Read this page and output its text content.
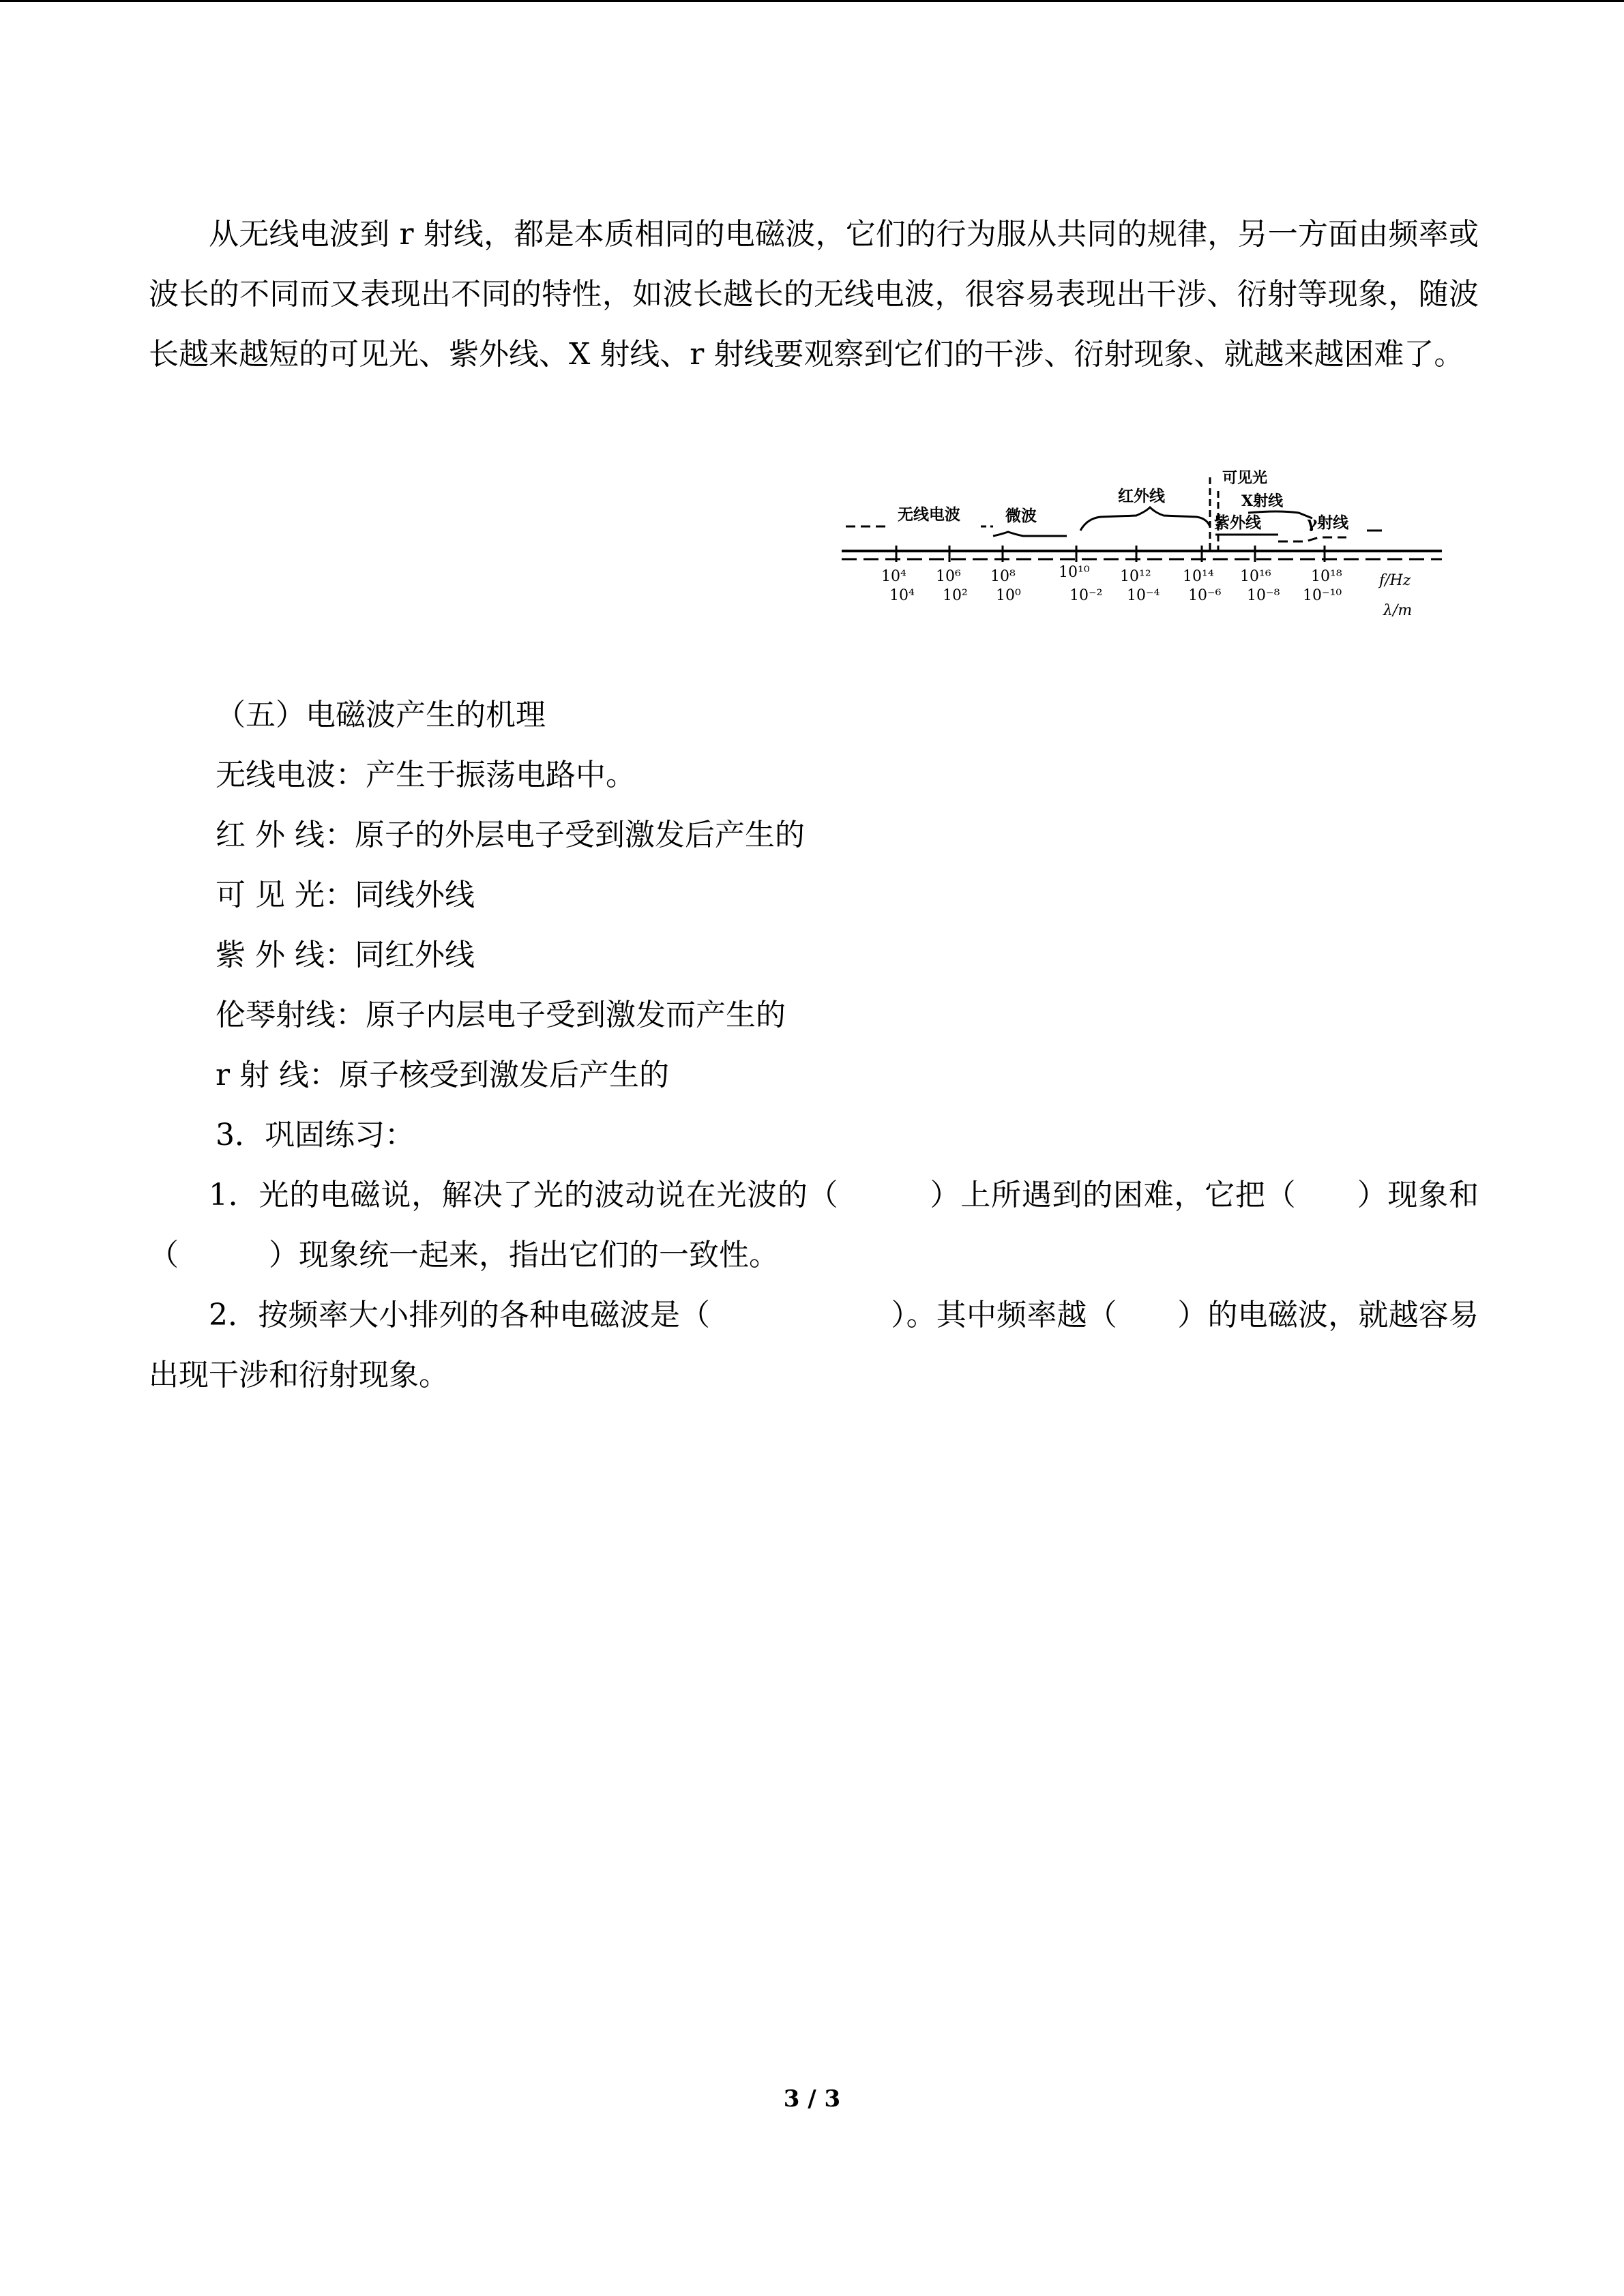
从无线电波到 r 射线，都是本质相同的电磁波，它们的行为服从共同的规律，另一方面由频率或波长的不同而又表现出不同的特性，如波长越长的无线电波，很容易表现出干涉、衍射等现象，随波长越来越短的可见光、紫外线、X 射线、r 射线要观察到它们的干涉、衍射现象、就越来越困难了。

无线电波	微波
红外线
可见光
X射线
紫外线	γ射线
10⁴ 10⁶ 10⁸	10¹⁰ 10¹² 10¹⁴ 10¹⁶	10¹⁸ f/Hz
10⁴ 10² 10⁰	10⁻² 10⁻⁴ 10⁻⁶ 10⁻⁸ 10⁻¹⁰
λ/m

（五）电磁波产生的机理

无线电波：产生于振荡电路中。

红 外 线：原子的外层电子受到激发后产生的

可 见 光：同线外线

紫 外 线：同红外线

伦琴射线：原子内层电子受到激发而产生的

r 射 线：原子核受到激发后产生的

3．巩固练习：

1．光的电磁说，解决了光的波动说在光波的（　　　）上所遇到的困难，它把（　　）现象和（　　　）现象统一起来，指出它们的一致性。

2．按频率大小排列的各种电磁波是（　　　　　　）。其中频率越（　　）的电磁波，就越容易出现干涉和衍射现象。

3 / 3
